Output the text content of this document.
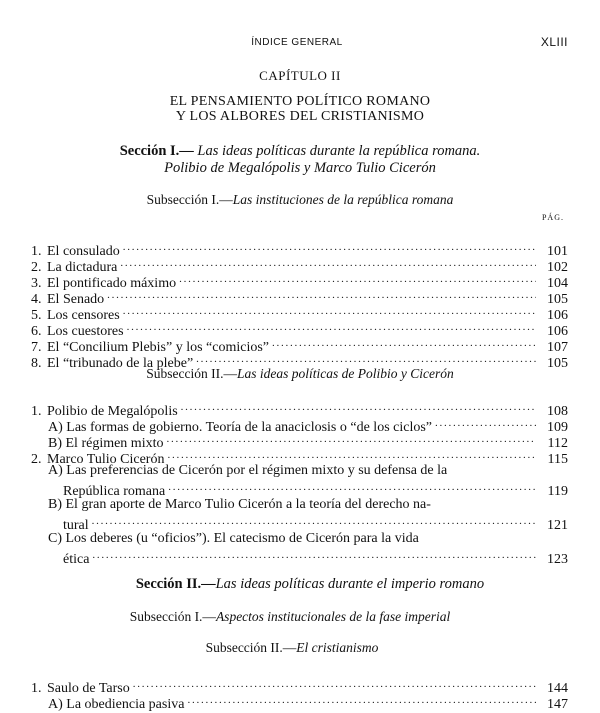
ÍNDICE GENERAL	XLIII
CAPÍTULO II
EL PENSAMIENTO POLÍTICO ROMANO
Y LOS ALBORES DEL CRISTIANISMO
Sección I.— Las ideas políticas durante la república romana.
Polibio de Megalópolis y Marco Tulio Cicerón
Subsección I.—Las instituciones de la república romana
PÁG.
1. El consulado . . .	101
2. La dictadura . . .	102
3. El pontificado máximo . . .	104
4. El Senado . . .	105
5. Los censores . . .	106
6. Los cuestores . . .	106
7. El “Concilium Plebis” y los “comicios” . . .	107
8. El “tribunado de la plebe” . . .	105
Subsección II.—Las ideas políticas de Polibio y Cicerón
1. Polibio de Megalópolis . . .	108
A) Las formas de gobierno. Teoría de la anaciclosis o “de los ciclos” . . .	109
B) El régimen mixto . . .	112
2. Marco Tulio Cicerón . . .	115
A) Las preferencias de Cicerón por el régimen mixto y su defensa de la
República romana . . .	119
B) El gran aporte de Marco Tulio Cicerón a la teoría del derecho na-
tural . . .	121
C) Los deberes (u “oficios”). El catecismo de Cicerón para la vida
ética . . .	123
Sección II.—Las ideas políticas durante el imperio romano
Subsección I.—Aspectos institucionales de la fase imperial
Subsección II.—El cristianismo
1. Saulo de Tarso . . .	144
A) La obediencia pasiva . . .	147
